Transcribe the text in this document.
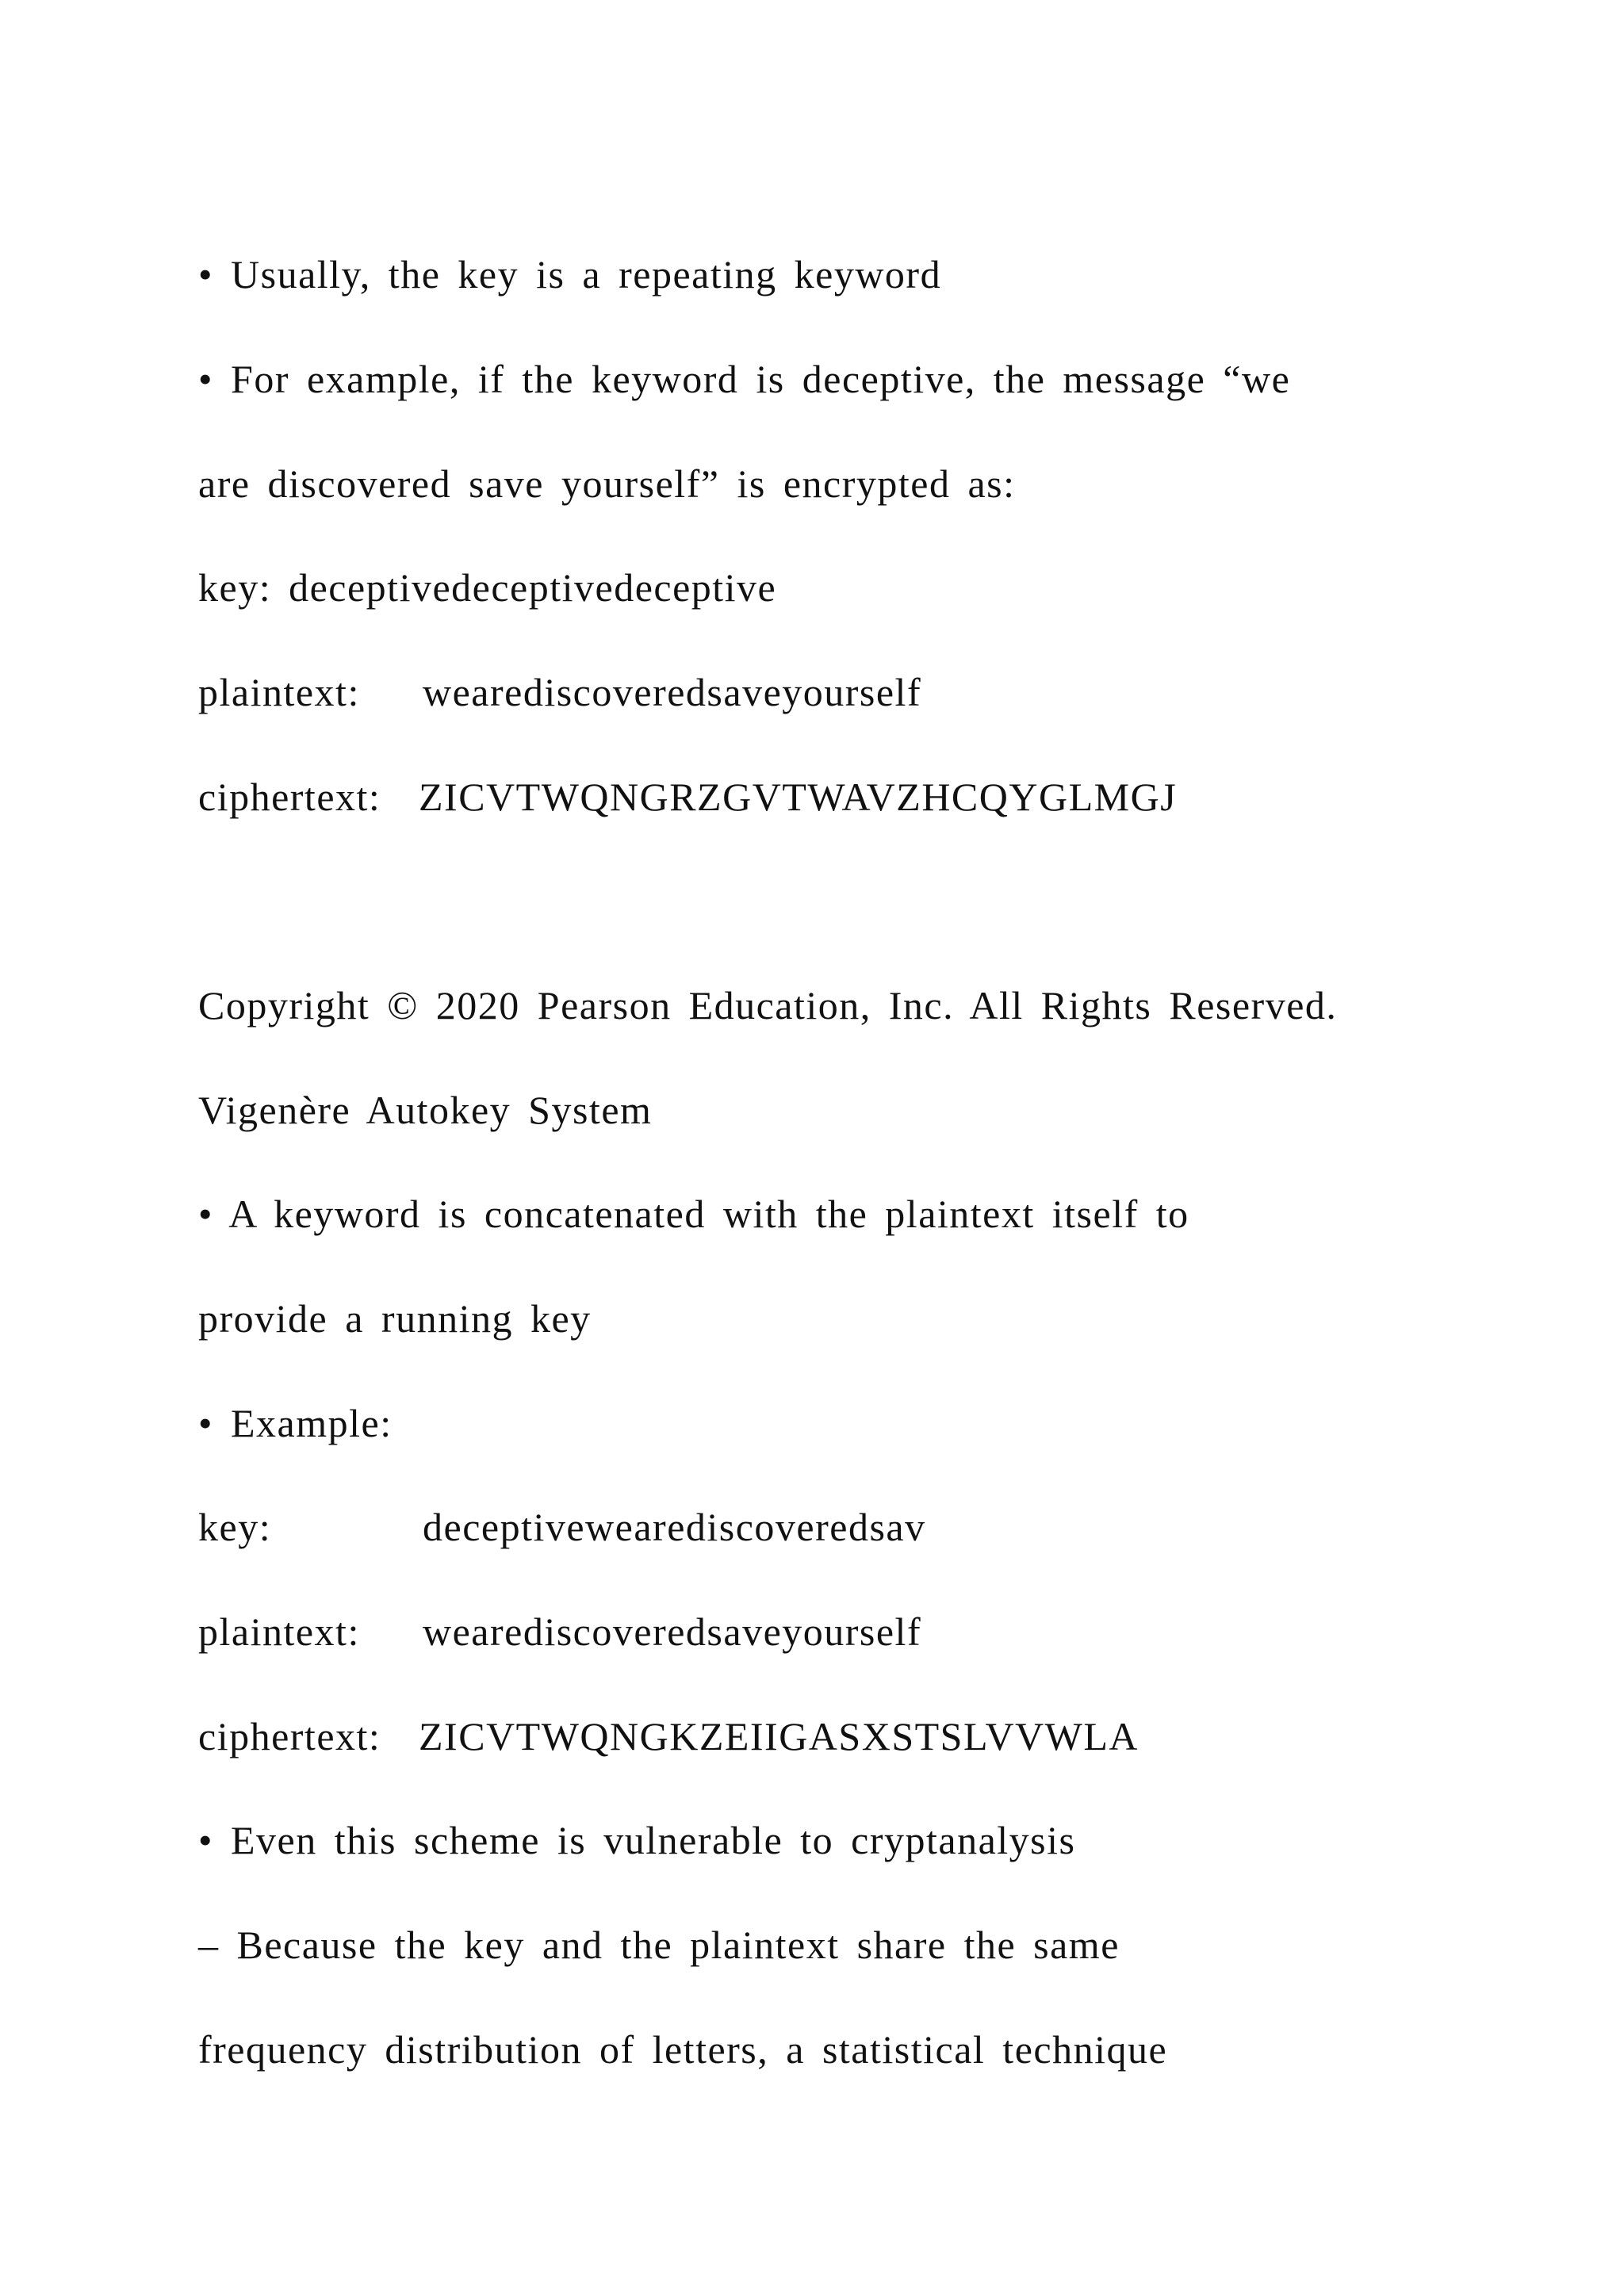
• Usually, the key is a repeating keyword
• For example, if the keyword is deceptive, the message “we
are discovered save yourself” is encrypted as:
key: deceptivedeceptivedeceptive
plaintext: wearediscoveredsaveyourself
ciphertext: ZICVTWQNGRZGVTWAVZHCQYGLMGJ
Copyright © 2020 Pearson Education, Inc. All Rights Reserved.
Vigenère Autokey System
• A keyword is concatenated with the plaintext itself to
provide a running key
• Example:
key:	deceptivewearediscoveredsav
plaintext: wearediscoveredsaveyourself
ciphertext: ZICVTWQNGKZEIIGASXSTSLVVWLA
• Even this scheme is vulnerable to cryptanalysis
– Because the key and the plaintext share the same
frequency distribution of letters, a statistical technique
